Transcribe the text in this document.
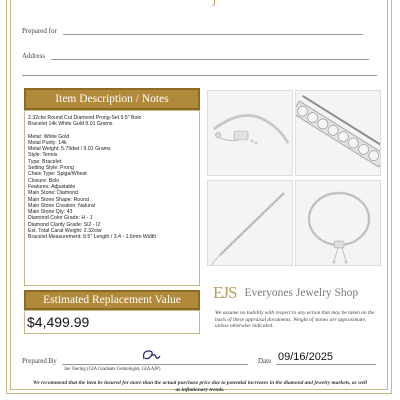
J
Prepared for
Address
Item Description / Notes
2.32ctw Round Cut Diamond Prong-Set 9.5" Bolo
Bracelet 14k White Gold 9.01 Grams
Metal: White Gold
Metal Purity: 14k
Metal Weight: 5.79dwt / 9.01 Grams
Style: Tennis
Type: Bracelet
Setting Style: Prong
Chain Type: Spiga/Wheat
Closure: Bolo
Features: Adjustable
Main Stone: Diamond
Main Stone Shape: Round
Main Stone Creation: Natural
Main Stone Qty: 43
Diamond Color Grade: H - J
Diamond Clarity Grade: SI2 - I2
Est. Total Carat Weight: 2.32ctw
Bracelet Measurement: 9.5" Length / 3.4 - 1.6mm Width
EJS Everyones Jewelry Shop
We assume no liability with respect to any action that may be taken on the basis of these appraisal documents. Weight of stones are approximate, unless otherwise indicated.
Estimated Replacement Value
$4,499.99
Prepared By
Joe Tsering (GIA Graduate Gemologist, GIA AJP)
Date 09/16/2025
We recommend that the item be insured for more than the actual purchase price due to potential increases in the diamond and jewelry markets, as well as inflationary trends.
